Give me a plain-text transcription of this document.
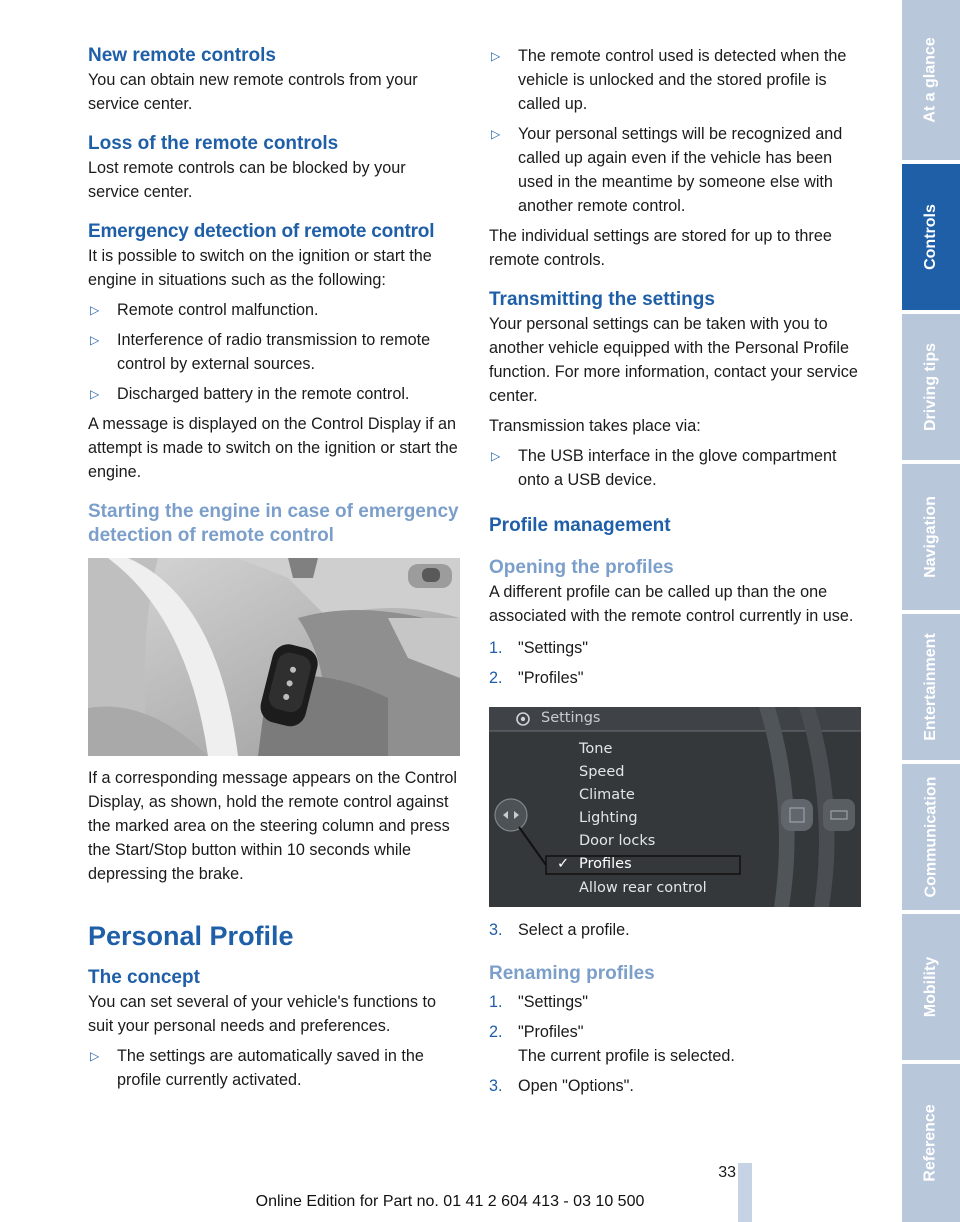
New remote controls

You can obtain new remote controls from your service center.

Loss of the remote controls

Lost remote controls can be blocked by your service center.

Emergency detection of remote control

It is possible to switch on the ignition or start the engine in situations such as the following:

▷ Remote control malfunction.
▷ Interference of radio transmission to remote control by external sources.
▷ Discharged battery in the remote control.

A message is displayed on the Control Display if an attempt is made to switch on the ignition or start the engine.

Starting the engine in case of emergency detection of remote control

If a corresponding message appears on the Control Display, as shown, hold the remote control against the marked area on the steering column and press the Start/Stop button within 10 seconds while depressing the brake.

Personal Profile
The concept

You can set several of your vehicle's functions to suit your personal needs and preferences.

▷ The settings are automatically saved in the profile currently activated.
▷ The remote control used is detected when the vehicle is unlocked and the stored profile is called up.
▷ Your personal settings will be recognized and called up again even if the vehicle has been used in the meantime by someone else with another remote control.

The individual settings are stored for up to three remote controls.

Transmitting the settings

Your personal settings can be taken with you to another vehicle equipped with the Personal Profile function. For more information, contact your service center.

Transmission takes place via:

▷ The USB interface in the glove compartment onto a USB device.
Profile management
Opening the profiles

A different profile can be called up than the one associated with the remote control currently in use.

1. "Settings"
2. "Profiles"
Settings
Tone
Speed
Climate
Lighting
Door locks
✓ Profiles
Allow rear control
3. Select a profile.
Renaming profiles
1. "Settings"
2. "Profiles"
The current profile is selected.
3. Open "Options".
At a glance
Controls
Driving tips
Navigation
Entertainment
Communication
Mobility
Reference
33
Online Edition for Part no. 01 41 2 604 413 - 03 10 500
